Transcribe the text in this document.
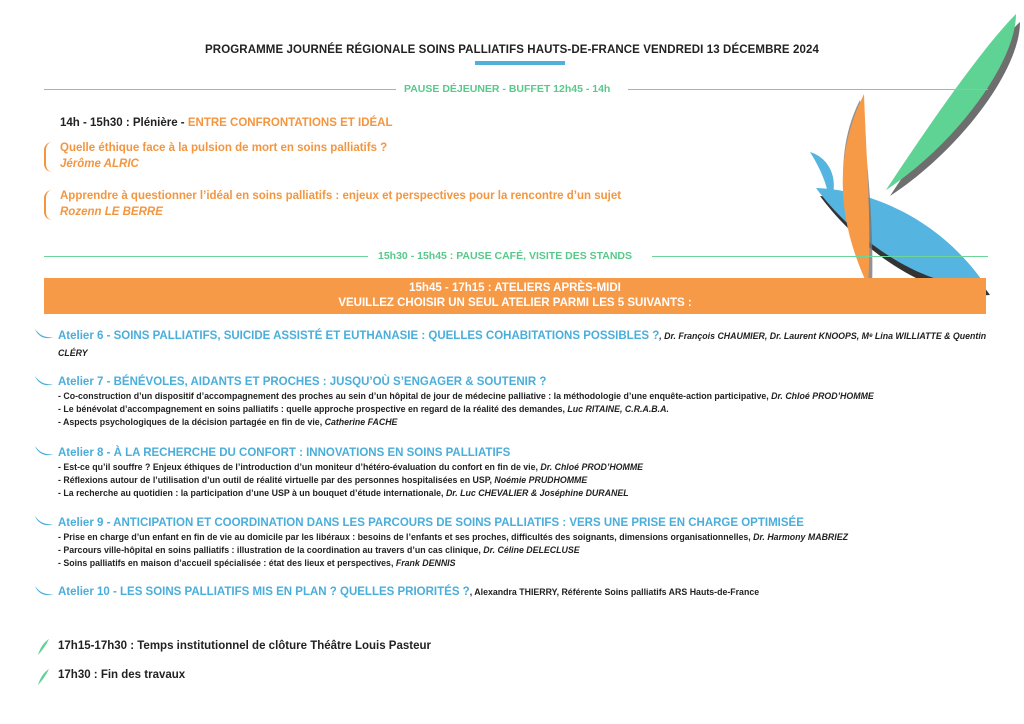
PROGRAMME JOURNÉE RÉGIONALE SOINS PALLIATIFS HAUTS-DE-FRANCE VENDREDI 13 DÉCEMBRE 2024
PAUSE DÉJEUNER - BUFFET 12h45 - 14h
14h - 15h30 : Plénière - ENTRE CONFRONTATIONS ET IDÉAL
Quelle éthique face à la pulsion de mort en soins palliatifs ?
Jérôme ALRIC
Apprendre à questionner l’idéal en soins palliatifs : enjeux et perspectives pour la rencontre d’un sujet
Rozenn LE BERRE
15h30 - 15h45 : PAUSE CAFÉ, VISITE DES STANDS
15h45 - 17h15 : ATELIERS APRÈS-MIDI
VEUILLEZ CHOISIR UN SEUL ATELIER PARMI LES 5 SUIVANTS :
Atelier 6 - SOINS PALLIATIFS, SUICIDE ASSISTÉ ET EUTHANASIE : QUELLES COHABITATIONS POSSIBLES ?, Dr. François CHAUMIER, Dr. Laurent KNOOPS, Mᵉ Lina WILLIATTE & Quentin CLÉRY
Atelier 7 - BÉNÉVOLES, AIDANTS ET PROCHES : JUSQU’OÙ S’ENGAGER & SOUTENIR ?
- Co-construction d’un dispositif d’accompagnement des proches au sein d’un hôpital de jour de médecine palliative : la méthodologie d’une enquête-action participative, Dr. Chloé PROD’HOMME
- Le bénévolat d’accompagnement en soins palliatifs : quelle approche prospective en regard de la réalité des demandes, Luc RITAINE, C.R.A.B.A.
- Aspects psychologiques de la décision partagée en fin de vie, Catherine FACHE
Atelier 8 - À LA RECHERCHE DU CONFORT : INNOVATIONS EN SOINS PALLIATIFS
- Est-ce qu’il souffre ? Enjeux éthiques de l’introduction d’un moniteur d’hétéro-évaluation du confort en fin de vie, Dr. Chloé PROD’HOMME
- Réflexions autour de l’utilisation d’un outil de réalité virtuelle par des personnes hospitalisées en USP, Noémie PRUDHOMME
- La recherche au quotidien : la participation d’une USP à un bouquet d’étude internationale, Dr. Luc CHEVALIER & Joséphine DURANEL
Atelier 9 - ANTICIPATION ET COORDINATION DANS LES PARCOURS DE SOINS PALLIATIFS : VERS UNE PRISE EN CHARGE OPTIMISÉE
- Prise en charge d’un enfant en fin de vie au domicile par les libéraux : besoins de l’enfants et ses proches, difficultés des soignants, dimensions organisationnelles, Dr. Harmony MABRIEZ
- Parcours ville-hôpital en soins palliatifs : illustration de la coordination au travers d’un cas clinique, Dr. Céline DELECLUSE
- Soins palliatifs en maison d’accueil spécialisée : état des lieux et perspectives, Frank DENNIS
Atelier 10 - LES SOINS PALLIATIFS MIS EN PLAN ? QUELLES PRIORITÉS ?, Alexandra THIERRY, Référente Soins palliatifs ARS Hauts-de-France
17h15-17h30 : Temps institutionnel de clôture Théâtre Louis Pasteur
17h30 : Fin des travaux
